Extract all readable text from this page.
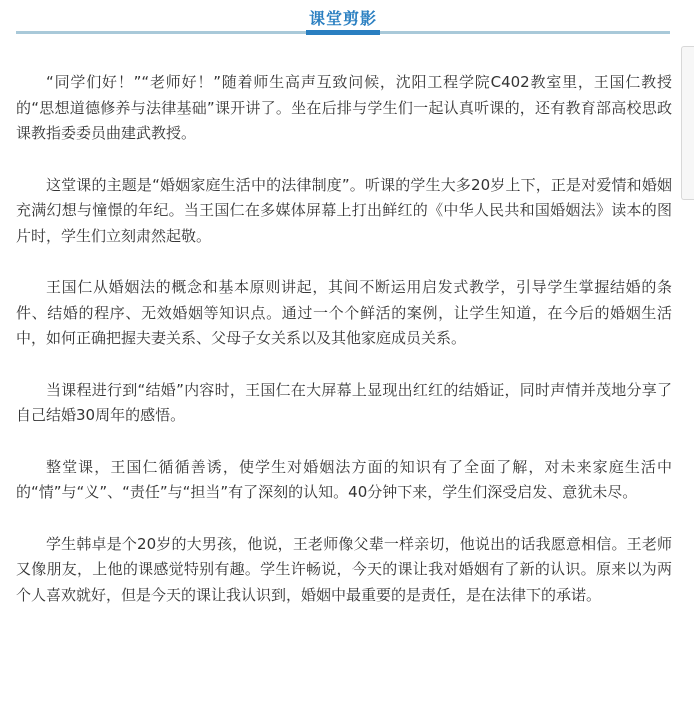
课堂剪影

“同学们好！”“老师好！”随着师生高声互致问候，沈阳工程学院C402教室里，王国仁教授的“思想道德修养与法律基础”课开讲了。坐在后排与学生们一起认真听课的，还有教育部高校思政课教指委委员曲建武教授。

这堂课的主题是“婚姻家庭生活中的法律制度”。听课的学生大多20岁上下，正是对爱情和婚姻充满幻想与憧憬的年纪。当王国仁在多媒体屏幕上打出鲜红的《中华人民共和国婚姻法》读本的图片时，学生们立刻肃然起敬。

王国仁从婚姻法的概念和基本原则讲起，其间不断运用启发式教学，引导学生掌握结婚的条件、结婚的程序、无效婚姻等知识点。通过一个个鲜活的案例，让学生知道，在今后的婚姻生活中，如何正确把握夫妻关系、父母子女关系以及其他家庭成员关系。

当课程进行到“结婚”内容时，王国仁在大屏幕上显现出红红的结婚证，同时声情并茂地分享了自己结婚30周年的感悟。

整堂课，王国仁循循善诱，使学生对婚姻法方面的知识有了全面了解，对未来家庭生活中的“情”与“义”、“责任”与“担当”有了深刻的认知。40分钟下来，学生们深受启发、意犹未尽。

学生韩卓是个20岁的大男孩，他说，王老师像父辈一样亲切，他说出的话我愿意相信。王老师又像朋友，上他的课感觉特别有趣。学生许畅说，今天的课让我对婚姻有了新的认识。原来以为两个人喜欢就好，但是今天的课让我认识到，婚姻中最重要的是责任，是在法律下的承诺。
